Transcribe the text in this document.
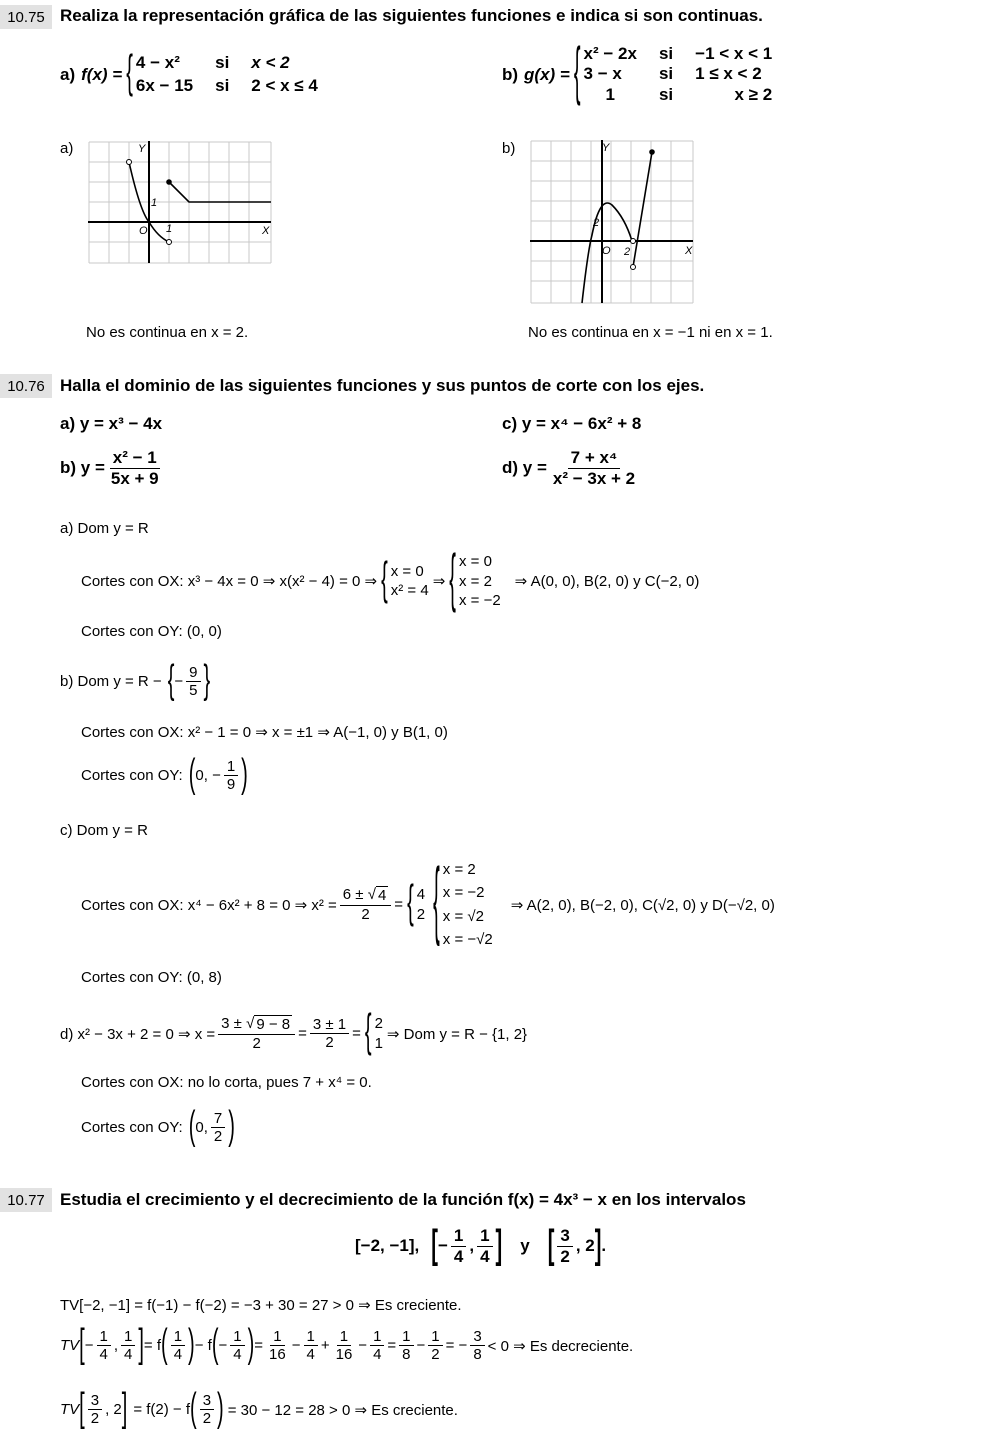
10.75 Realiza la representación gráfica de las siguientes funciones e indica si son continuas.
a) f(x) = { 4 − x²	si x < 2
6x − 15 si 2 < x ≤ 4
b) g(x) = { x² − 2x si −1 < x < 1
3 − x	si 1 ≤ x < 2
1	si	x ≥ 2
a)	Y
X
O 1
1
b)	Y
X
O 2
2
No es continua en x = 2.	No es continua en x = −1 ni en x = 1.
10.76 Halla el dominio de las siguientes funciones y sus puntos de corte con los ejes.
a) y = x³ − 4x	c) y = x⁴ − 6x² + 8
b) $y = \frac{\text{x² − 1}}{5x + 9}$	d) $y = \frac{\text{7 + x⁴}}{\text{x² − 3x + 2}}$
a) Dom y = R
Cortes con OX: x³ − 4x = 0 ⇒ x(x² − 4) = 0 ⇒ { x = 0
x² = 4
⇒ { x = 0
x = 2
x = −2
⇒ A(0, 0), B(2, 0) y C(−2, 0)
Cortes con OY: (0, 0)
b) Dom y = R − { − $\frac{9}{5}$ }
Cortes con OX: x² − 1 = 0 ⇒ x = ±1 ⇒ A(−1, 0) y B(1, 0)
Cortes con OY: ( 0, − $\frac{1}{9}$ )
c) Dom y = R
Cortes con OX: x⁴ − 6x² + 8 = 0 ⇒ $x^2 = \frac{6 \pm √ 4}{2}$ = { 4
2 { x = 2
x = −2
x = √2
x = −√2
⇒ A(2, 0), B(−2, 0), C(√2, 0) y D(−√2, 0)
Cortes con OY: (0, 8)
d) x² − 3x + 2 = 0 ⇒ $x = \frac{3 \pm √ 9 - 8}{2} = \frac{3 \pm 1}{2}$ = { 2
1
⇒ Dom y = R − {1, 2}
Cortes con OX: no lo corta, pues 7 + x⁴ = 0.
Cortes con OY: ( 0, $\frac{7}{2}$ )
10.77 Estudia el crecimiento y el decrecimiento de la función f(x) = 4x³ − x en los intervalos
[−2, −1], [ − $\frac{1}{4}$ , $\frac{1}{4}$ ] y [ $\frac{3}{2}$ , 2 ] .
TV[−2, −1] = f(−1) − f(−2) = −3 + 30 = 27 > 0 ⇒ Es creciente.
TV [ − $\frac{1}{4}$ , $\frac{1}{4}$ ] = f ( $\frac{1}{4}$ ) − f ( − $\frac{1}{4}$ ) = $\frac{1}{16} - \frac{1}{4} + \frac{1}{16} - \frac{1}{4} = \frac{1}{8} - \frac{1}{2}$ = − $\frac{3}{8} < 0$ ⇒ Es decreciente.
TV [ $\frac{3}{2}$ , 2 ] = f(2) − f ( $\frac{3}{2}$ ) = 30 − 12 = 28 > 0 ⇒ Es creciente.
